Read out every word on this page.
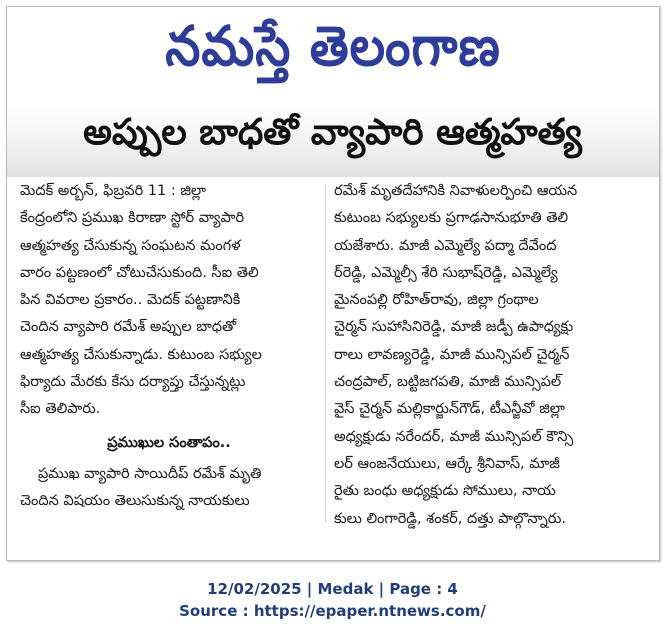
నమస్తే తెలంగాణ
అప్పుల బాధతో వ్యాపారి ఆత్మహత్య
మెదక్ అర్బన్, ఫిబ్రవరి 11 : జిల్లా
కేంద్రంలోని ప్రముఖ కిరాణా స్టోర్ వ్యాపారి
ఆత్మహత్య చేసుకున్న సంఘటన మంగళ
వారం పట్టణంలో చోటుచేసుకుంది. సీఐ తెలి
పిన వివరాల ప్రకారం.. మెదక్ పట్టణానికి
చెందిన వ్యాపారి రమేశ్ అప్పుల బాధతో
ఆత్మహత్య చేసుకున్నాడు. కుటుంబ సభ్యుల
ఫిర్యాదు మేరకు కేసు దర్యాప్తు చేస్తున్నట్లు
సీఐ తెలిపారు.
ప్రముఖుల సంతాపం..
ప్రముఖ వ్యాపారి సాయిదీప్ రమేశ్ మృతి
చెందిన విషయం తెలుసుకున్న నాయకులు
రమేశ్ మృతదేహానికి నివాళులర్పించి ఆయన
కుటుంబ సభ్యులకు ప్రగాఢసానుభూతి తెలి
యజేశారు. మాజీ ఎమ్మెల్యే పద్మా దేవేంద
ర్‌రెడ్డి, ఎమ్మెల్సీ శేరి సుభాష్‌రెడ్డి, ఎమ్మెల్యే
మైనంపల్లి రోహిత్‌రావు, జిల్లా గ్రంథాల
చైర్మన్ సుహాసినిరెడ్డి, మాజీ జడ్పీ ఉపాధ్యక్షు
రాలు లావణ్యరెడ్డి, మాజీ మున్సిపల్ చైర్మన్
చంద్రపాల్, బట్టిజగపతి, మాజీ మున్సిపల్
వైస్ చైర్మన్ మల్లికార్జున్‌గౌడ్, టీఎన్జీవో జిల్లా
అధ్యక్షుడు నరేందర్, మాజీ మున్సిపల్ కౌన్సి
లర్ ఆంజనేయులు, ఆర్కే శ్రీనివాస్, మాజీ
రైతు బంధు అధ్యక్షుడు సోములు, నాయ
కులు లింగారెడ్డి, శంకర్, దత్తు పాల్గొన్నారు.
12/02/2025 | Medak | Page : 4
Source : https://epaper.ntnews.com/
